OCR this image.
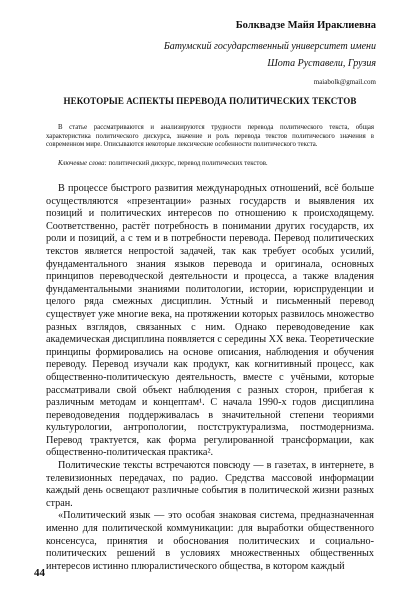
Болквадзе Майя Ираклиевна
Батумский государственный университет имени Шота Руставели, Грузия
maiabolk@gmail.com
НЕКОТОРЫЕ АСПЕКТЫ ПЕРЕВОДА ПОЛИТИЧЕСКИХ ТЕКСТОВ
В статье рассматриваются и анализируются трудности перевода политического текста, общая характеристика политического дискурса, значение и роль перевода текстов политического значения в современном мире. Описываются некоторые лексические особенности политического текста.
Ключевые слова: политический дискурс, перевод политических текстов.

В процессе быстрого развития международных отношений, всё больше осуществляются «презентации» разных государств и выявления их позиций и политических интересов по отношению к происходящему. Соответственно, растёт потребность в понимании других государств, их роли и позиций, а с тем и в потребности перевода. Перевод политических текстов является непростой задачей, так как требует особых усилий, фундаментального знания языков перевода и оригинала, основных принципов переводческой деятельности и процесса, а также владения фундаментальными знаниями политологии, истории, юриспруденции и целого ряда смежных дисциплин. Устный и письменный перевод существует уже многие века, на протяжении которых развилось множество разных взглядов, связанных с ним. Однако переводоведение как академическая дисциплина появляется с середины XX века. Теоретические принципы формировались на основе описания, наблюдения и обучения переводу. Перевод изучали как продукт, как когнитивный процесс, как общественно-политическую деятельность, вместе с учёными, которые рассматривали свой объект наблюдения с разных сторон, прибегая к различным методам и концептам¹. С начала 1990-х годов дисциплина переводоведения поддерживалась в значительной степени теориями культурологии, антропологии, постструктурализма, постмодернизма. Перевод трактуется, как форма регулированной трансформации, как общественно-политическая практика².

Политические тексты встречаются повсюду — в газетах, в интернете, в телевизионных передачах, по радио. Средства массовой информации каждый день освещают различные события в политической жизни разных стран.

«Политический язык — это особая знаковая система, предназначенная именно для политической коммуникации: для выработки общественного консенсуса, принятия и обоснования политических и социально-политических решений в условиях множественных общественных интересов истинно плюралистического общества, в котором каждый

44
